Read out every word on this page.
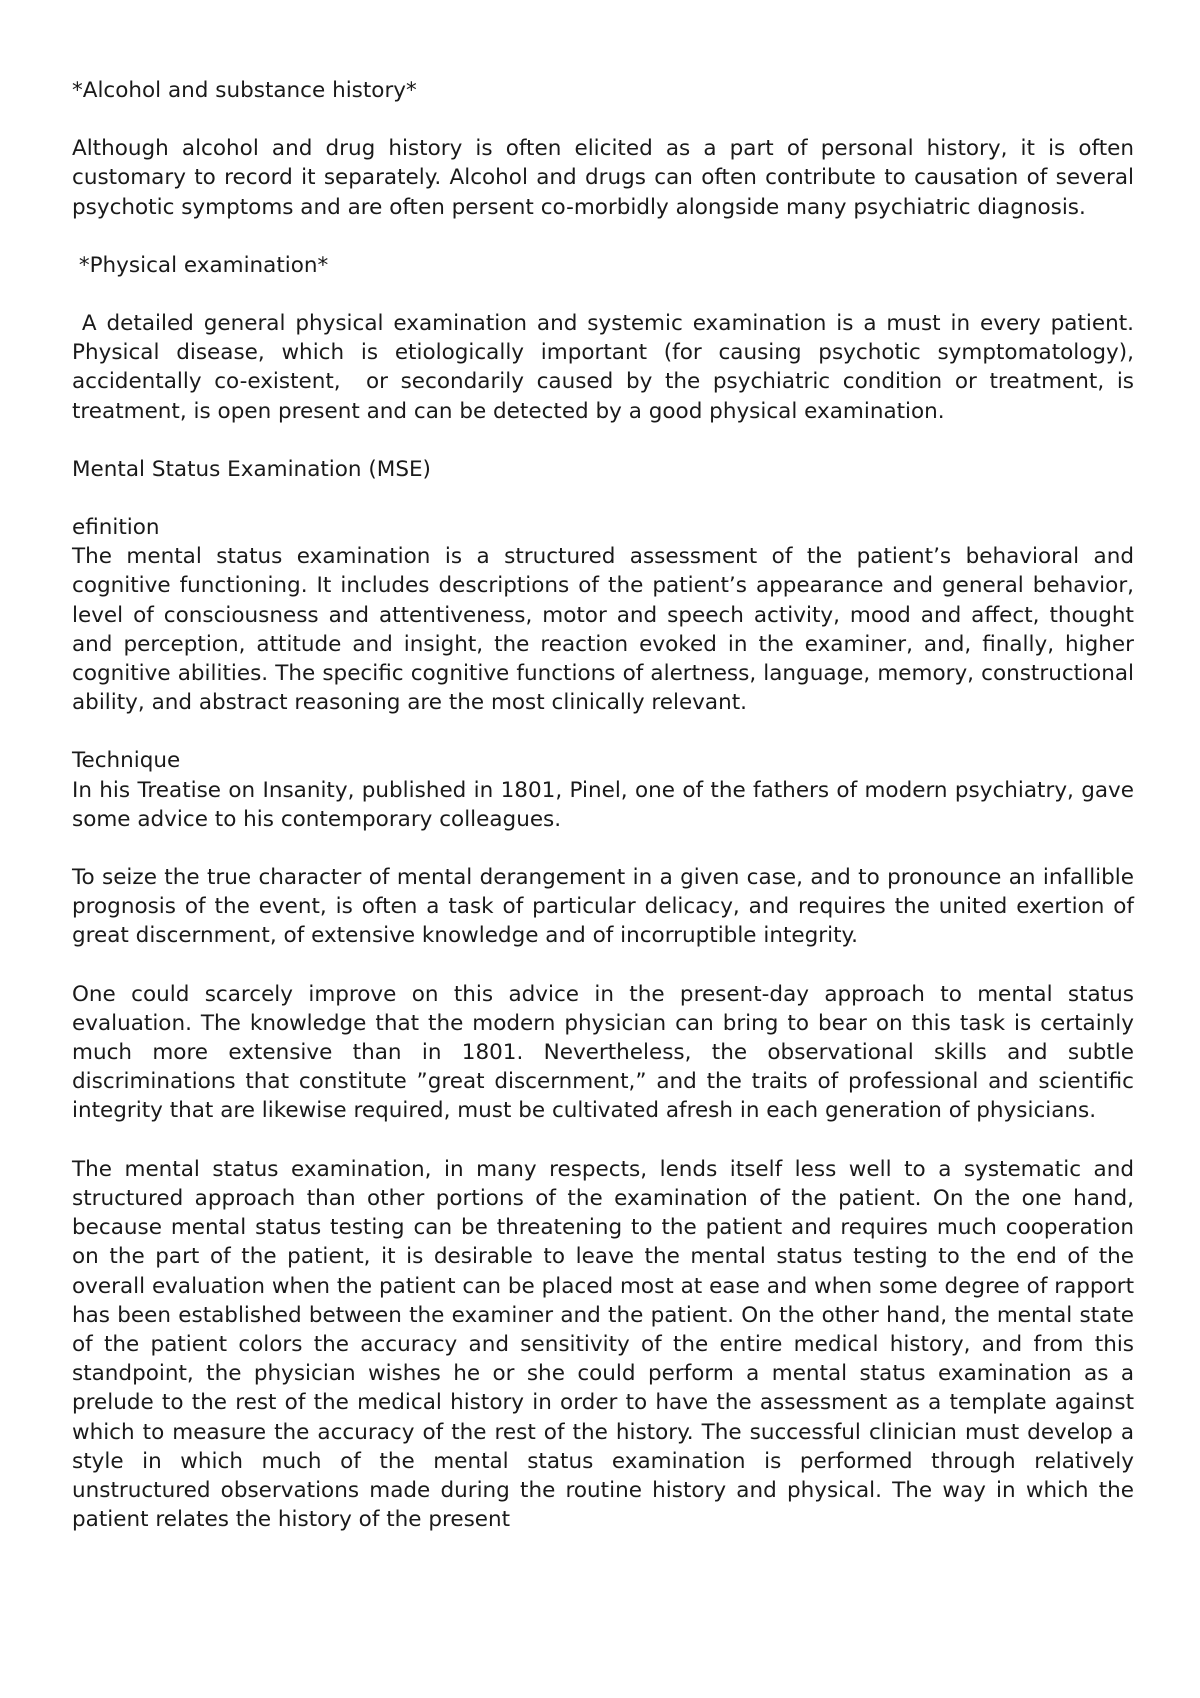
*Alcohol and substance history*

Although alcohol and drug history is often elicited as a part of personal history, it is often customary to record it separately. Alcohol and drugs can often contribute to causation of several psychotic symptoms and are often persent co-morbidly alongside many psychiatric diagnosis.

*Physical examination*

A detailed general physical examination and systemic examination is a must in every patient. Physical disease, which is etiologically important (for causing psychotic symptomatology), accidentally co-existent,  or secondarily caused by the psychiatric condition or treatment, is treatment, is open present and can be detected by a good physical examination.

Mental Status Examination (MSE)

efinition

The mental status examination is a structured assessment of the patient’s behavioral and cognitive functioning. It includes descriptions of the patient’s appearance and general behavior, level of consciousness and attentiveness, motor and speech activity, mood and affect, thought and perception, attitude and insight, the reaction evoked in the examiner, and, finally, higher cognitive abilities. The specific cognitive functions of alertness, language, memory, constructional ability, and abstract reasoning are the most clinically relevant.

Technique

In his Treatise on Insanity, published in 1801, Pinel, one of the fathers of modern psychiatry, gave some advice to his contemporary colleagues.

To seize the true character of mental derangement in a given case, and to pronounce an infallible prognosis of the event, is often a task of particular delicacy, and requires the united exertion of great discernment, of extensive knowledge and of incorruptible integrity.

One could scarcely improve on this advice in the present-day approach to mental status evaluation. The knowledge that the modern physician can bring to bear on this task is certainly much more extensive than in 1801. Nevertheless, the observational skills and subtle discriminations that constitute ”great discernment,” and the traits of professional and scientific integrity that are likewise required, must be cultivated afresh in each generation of physicians.

The mental status examination, in many respects, lends itself less well to a systematic and structured approach than other portions of the examination of the patient. On the one hand, because mental status testing can be threatening to the patient and requires much cooperation on the part of the patient, it is desirable to leave the mental status testing to the end of the overall evaluation when the patient can be placed most at ease and when some degree of rapport has been established between the examiner and the patient. On the other hand, the mental state of the patient colors the accuracy and sensitivity of the entire medical history, and from this standpoint, the physician wishes he or she could perform a mental status examination as a prelude to the rest of the medical history in order to have the assessment as a template against which to measure the accuracy of the rest of the history. The successful clinician must develop a style in which much of the mental status examination is performed through relatively unstructured observations made during the routine history and physical. The way in which the patient relates the history of the present
